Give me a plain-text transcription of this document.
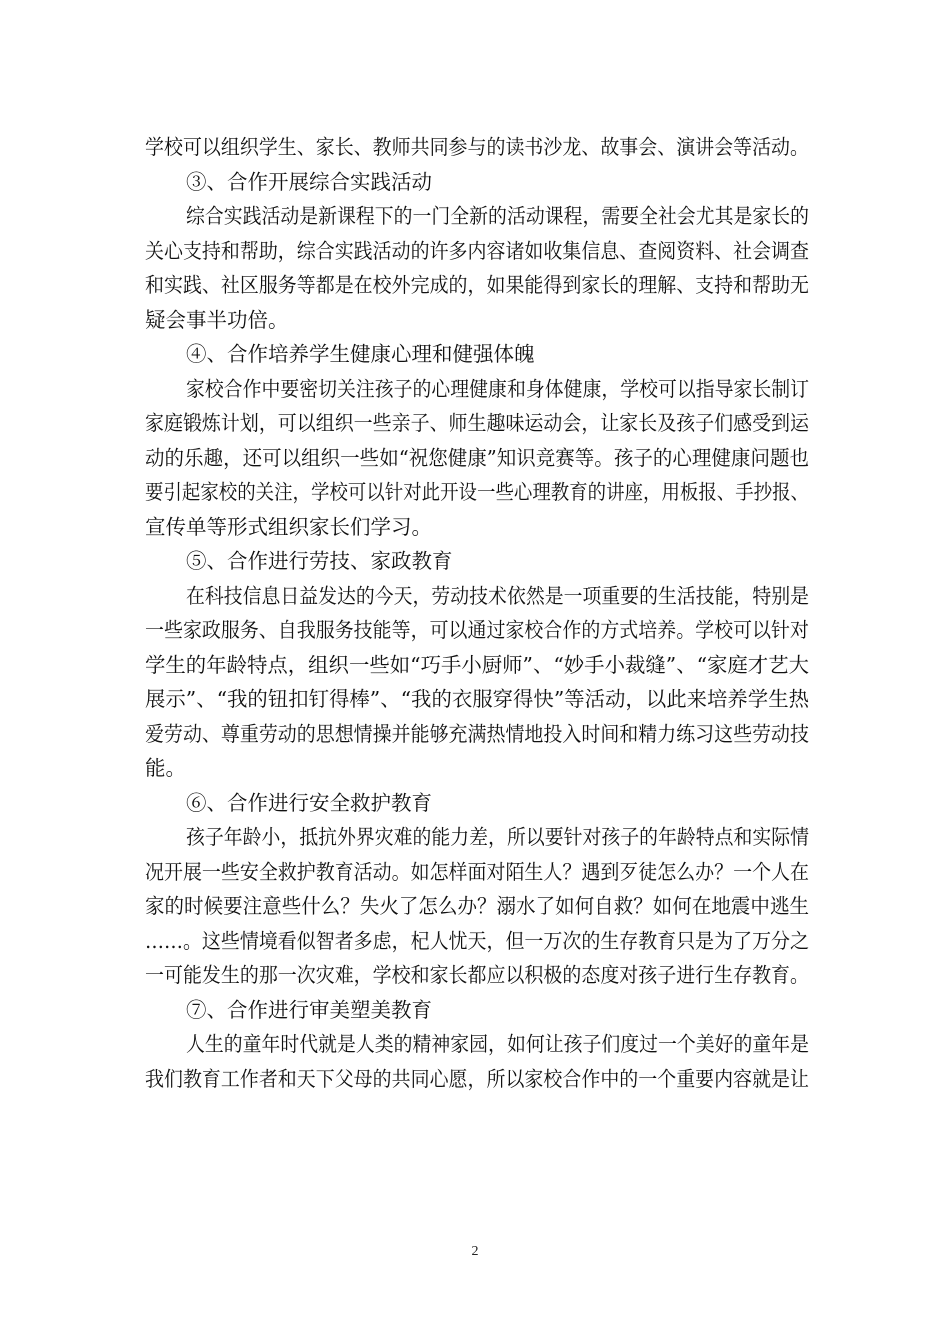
学校可以组织学生、家长、教师共同参与的读书沙龙、故事会、演讲会等活动。
③、合作开展综合实践活动
综合实践活动是新课程下的一门全新的活动课程，需要全社会尤其是家长的
关心支持和帮助，综合实践活动的许多内容诸如收集信息、查阅资料、社会调查
和实践、社区服务等都是在校外完成的，如果能得到家长的理解、支持和帮助无
疑会事半功倍。
④、合作培养学生健康心理和健强体魄
家校合作中要密切关注孩子的心理健康和身体健康，学校可以指导家长制订
家庭锻炼计划，可以组织一些亲子、师生趣味运动会，让家长及孩子们感受到运
动的乐趣，还可以组织一些如“祝您健康”知识竞赛等。孩子的心理健康问题也
要引起家校的关注，学校可以针对此开设一些心理教育的讲座，用板报、手抄报、
宣传单等形式组织家长们学习。
⑤、合作进行劳技、家政教育
在科技信息日益发达的今天，劳动技术依然是一项重要的生活技能，特别是
一些家政服务、自我服务技能等，可以通过家校合作的方式培养。学校可以针对
学生的年龄特点，组织一些如“巧手小厨师”、“妙手小裁缝”、“家庭才艺大
展示”、“我的钮扣钉得棒”、“我的衣服穿得快”等活动，以此来培养学生热
爱劳动、尊重劳动的思想情操并能够充满热情地投入时间和精力练习这些劳动技
能。
⑥、合作进行安全救护教育
孩子年龄小，抵抗外界灾难的能力差，所以要针对孩子的年龄特点和实际情
况开展一些安全救护教育活动。如怎样面对陌生人？遇到歹徒怎么办？一个人在
家的时候要注意些什么？失火了怎么办？溺水了如何自救？如何在地震中逃生
……。这些情境看似智者多虑，杞人忧天，但一万次的生存教育只是为了万分之
一可能发生的那一次灾难，学校和家长都应以积极的态度对孩子进行生存教育。
⑦、合作进行审美塑美教育
人生的童年时代就是人类的精神家园，如何让孩子们度过一个美好的童年是
我们教育工作者和天下父母的共同心愿，所以家校合作中的一个重要内容就是让
2
